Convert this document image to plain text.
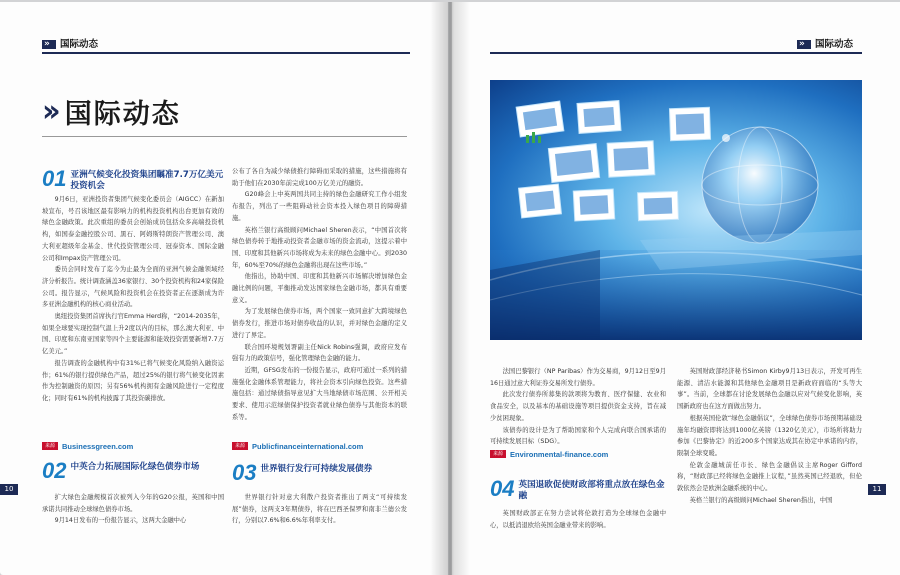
»国际动态
»	国际动态
›› 国际动态
01 亚洲气候变化投资集团瞩准7.7万亿美元投资机会

9月6日，亚洲投资者集团气候变化委员会（AIGCC）在新加坡宣布，号召该地区最有影响力的机构投资机构出台更加有效的绿色金融政策。此次重组的委员会创始成员包括众多高端投资机构，如国泰金融控股公司、黑石、阿姆斯特朗资产管理公司、澳大利亚超级年金基金、世代投资管理公司、冠泰资本、国际金融公司和Impax资产管理公司。

委员会同时发布了迄今为止最为全面的亚洲气候金融领域经济分析报告。统计调查涵盖36家银行、30个投资机构和24家保险公司。报告显示，气候风险和投资机会在投资者正在逐渐成为许多亚洲金融机构的核心商业活动。

奥纽投资集团首席执行官Emma Herd称，“2014-2035年，如果全球要实现控制气温上升2度以内的目标，那么澳大利亚、中国、印度和东南亚国家等四个主要能源和能效投资需要新增7.7万亿美元。”

报告调查的金融机构中有31%已将气候变化风险纳入融资运作；61%的银行提供绿色产品，超过25%的银行将气候变化因素作为控制融资的原因；另有56%机构拥有金融风险进行一定程度化；同时有61%的机构披露了其投资碳排放。

来源 Businessgreen.com
02 中英合力拓展国际化绿色债券市场

扩大绿色金融规模首次被列入今年的G20公报，英国和中国承诺共同推动全球绿色债券市场。

9月14日发布的一份报告显示，这两大金融中心

公布了各自为减少绿债推行障碍而采取的措施，这些措施将有助于他们在2030年前完成100万亿美元的融资。

G20峰会上中英两国共同主持的绿色金融研究工作小组发布报告，列出了一些阻碍动社会资本投入绿色项目的障碍措施。

英格兰银行高级顾问Michael Sheren表示，“中国首次将绿色债券转于地推动投资者金融市场的资金流动，这提示着中国、印度和其他新兴市场将成为未来的绿色金融中心。到2030年，60%至70%的绿色金融将出现在这些市场。”

他指出，协助中国、印度和其他新兴市场解决增加绿色金融比例的问题，平衡推动发达国家绿色金融市场，都具有重要意义。

为了发展绿色债券市场，两个国家一致同意扩大跨境绿色债券发行，推进市场对债券收益的认识，并对绿色金融的定义进行了界定。

联合国环境规划署副主任Nick Robins强调，政府应发布强有力的政策信号，强化管理绿色金融的能力。

近期，GFSG发布的一份报告显示，政府可通过一系列的措施强化金融体系管理能力，将社会资本引向绿色投资。这些措施包括：通过绿债指导意见扩大当地绿债市场范围、公开相关要求、使用示范绿债保护投资者就业绿色债券与其他资本的联系等。

来源 Publicfinanceinternational.com
03 世界银行发行可持续发展债券

世界银行针对意大利散户投资者推出了两支“可持续发展”债券，这两支3年期债券，将在巴西圣保罗和南非兰德公发行，分别以7.6%和6.6%年利率支付。

法国巴黎银行（NP Paribas）作为交易商，9月12日至9月16日通过意大利证券交易所发行债券。

此次发行债券所募集的款项将为教育、医疗保健、农业和食品安全，以及基本的基础设施等项目提供资金支持，旨在减少贫困现象。

该债券的设计是为了帮助国家和个人完成向联合国承诺的可持续发展目标（SDG）。

来源 Environmental-finance.com
04 英国退欧促使财政部将重点放在绿色金融

英国财政部正在努力尝试将伦敦打造为全球绿色金融中心，以抵消退欧给英国金融业带来的影响。

英国财政部经济秘书Simon Kirby9月13日表示，开发可再生能源、清洁水能源和其他绿色金融项目是新政府面临的“头等大事”。当前，全球都在讨论发展绿色金融以应对气候变化影响，英国新政府也在这方面做出努力。

根据英国伦敦“绿色金融倡议”，全球绿色债券市场预期基础设施年均融资即将达到1000亿英镑（1320亿美元），市场所将助力参加《巴黎协定》的近200多个国家达成其在协定中承诺的内容，限制全球变暖。

伦敦金融城前任市长、绿色金融倡议主席Roger Gifford称，“财政部已经将绿色金融推上议程，”虽然英国已经退欧，但伦敦依然会是欧洲金融系统的中心。

英格兰银行的高级顾问Michael Sheren指出，中国

10	11
